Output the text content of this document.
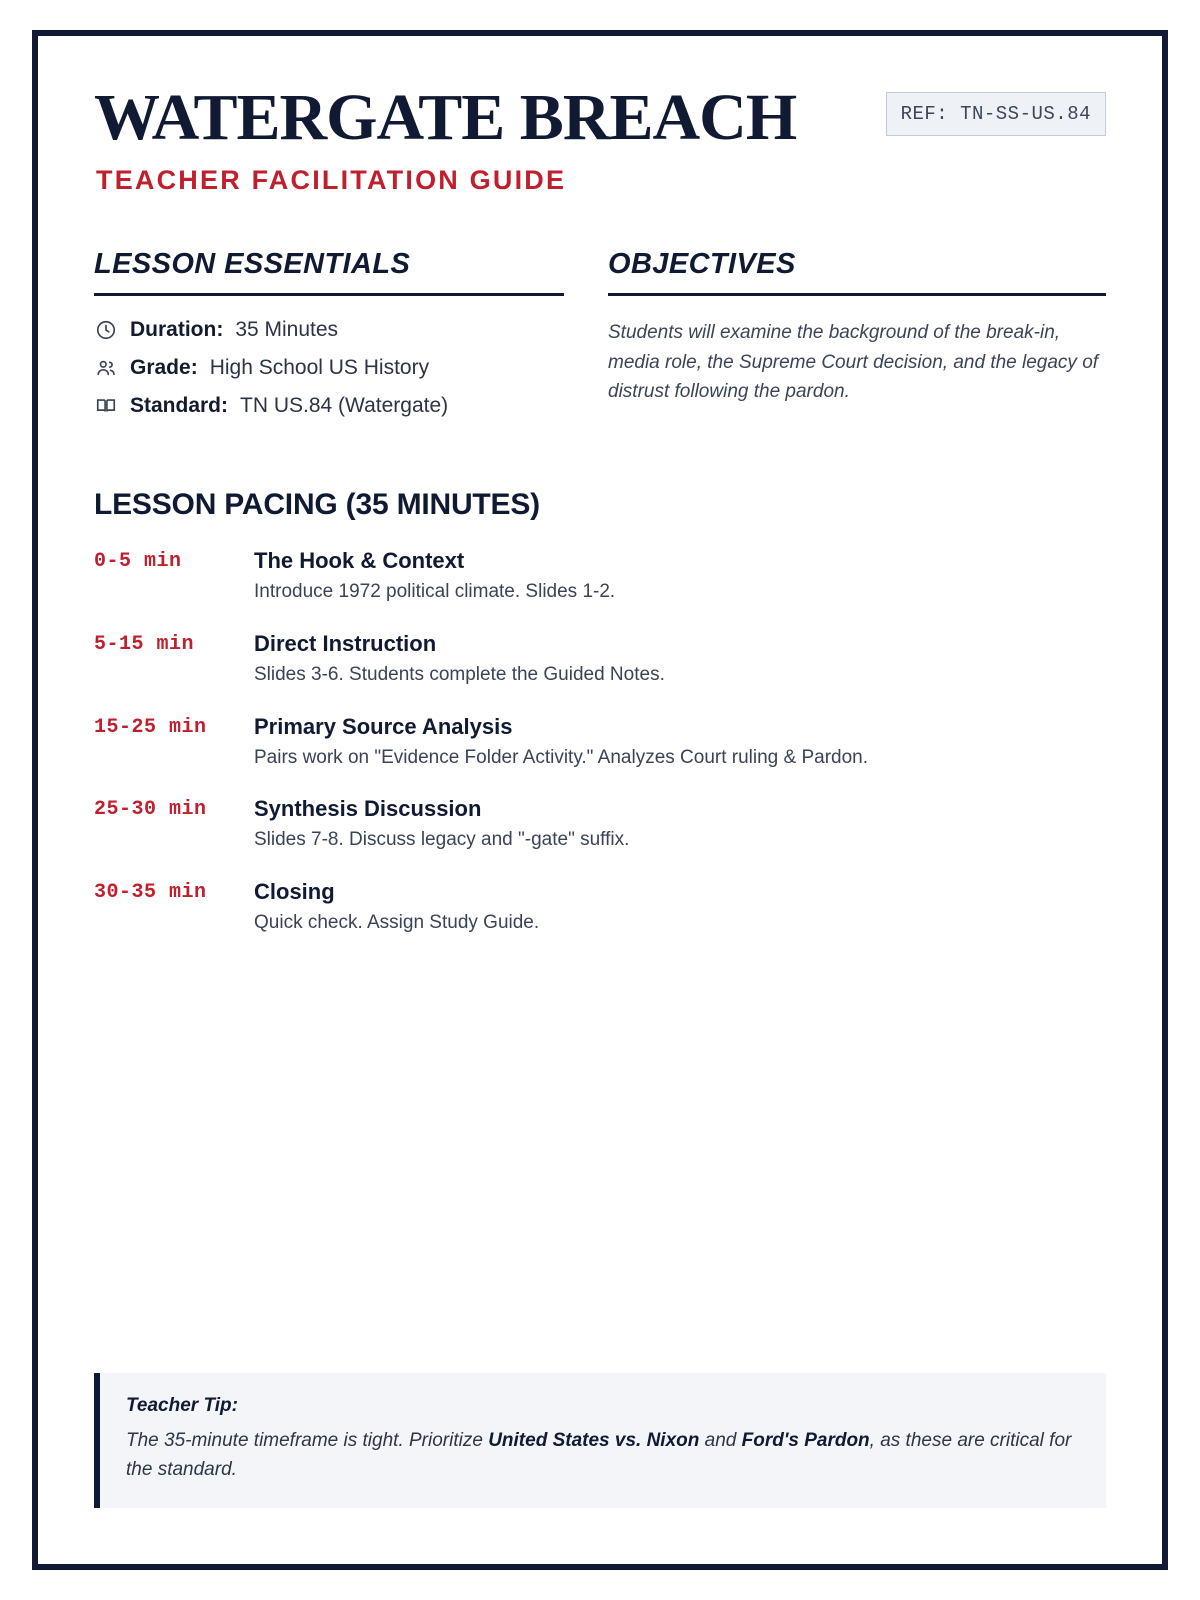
WATERGATE BREACH
TEACHER FACILITATION GUIDE
REF: TN-SS-US.84
LESSON ESSENTIALS
Duration: 35 Minutes
Grade: High School US History
Standard: TN US.84 (Watergate)
OBJECTIVES

Students will examine the background of the break-in, media role, the Supreme Court decision, and the legacy of distrust following the pardon.

LESSON PACING (35 MINUTES)
0-5 min	The Hook & Context
Introduce 1972 political climate. Slides 1-2.
5-15 min	Direct Instruction
Slides 3-6. Students complete the Guided Notes.
15-25 min	Primary Source Analysis
Pairs work on "Evidence Folder Activity." Analyzes Court ruling & Pardon.
25-30 min	Synthesis Discussion
Slides 7-8. Discuss legacy and "-gate" suffix.
30-35 min	Closing
Quick check. Assign Study Guide.
Teacher Tip:
The 35-minute timeframe is tight. Prioritize United States vs. Nixon and Ford's Pardon, as these are critical for the standard.
